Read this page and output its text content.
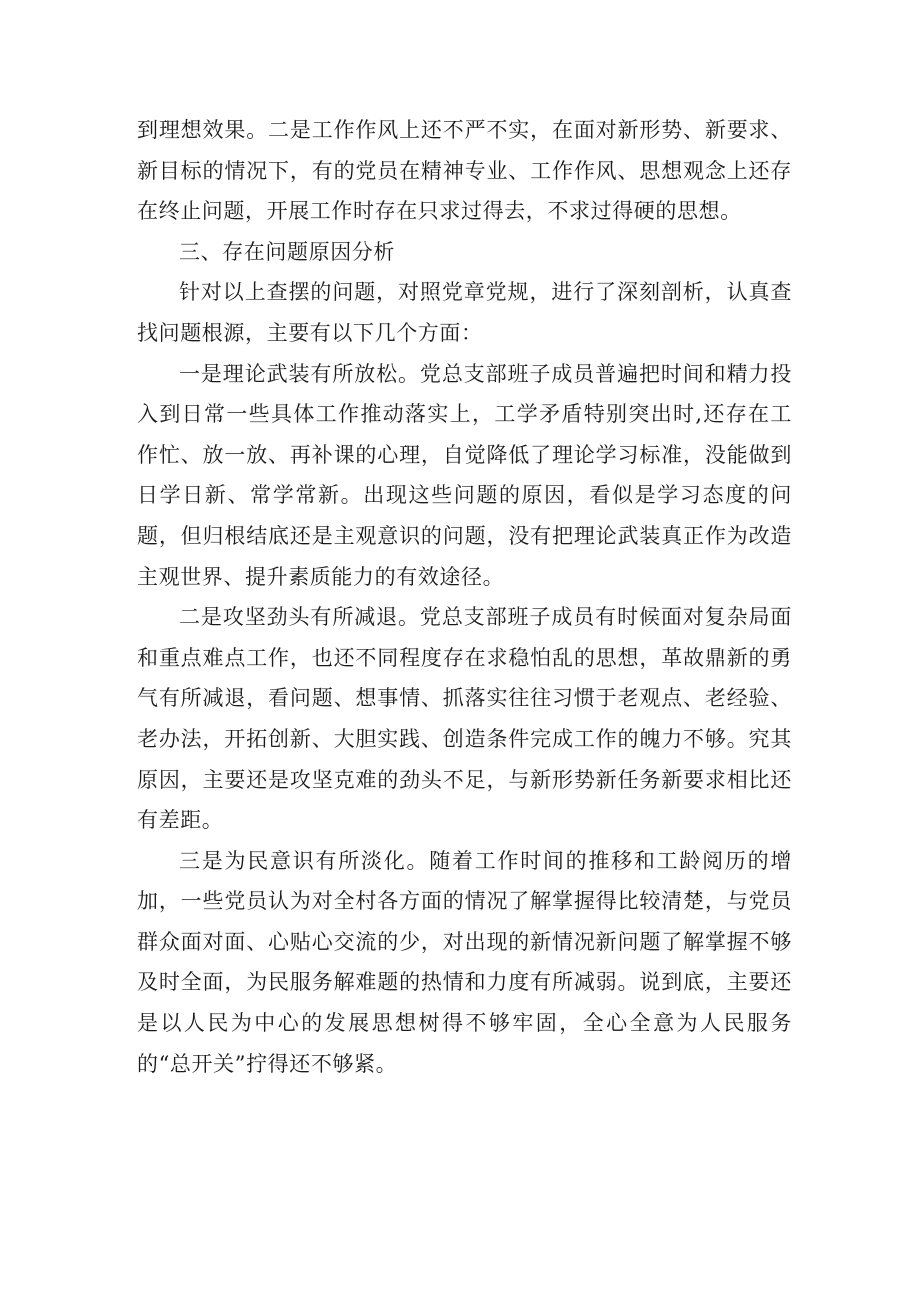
到理想效果。二是工作作风上还不严不实，在面对新形势、新要求、新目标的情况下，有的党员在精神专业、工作作风、思想观念上还存在终止问题，开展工作时存在只求过得去，不求过得硬的思想。

三、存在问题原因分析

针对以上查摆的问题，对照党章党规，进行了深刻剖析，认真查找问题根源，主要有以下几个方面：

一是理论武装有所放松。党总支部班子成员普遍把时间和精力投入到日常一些具体工作推动落实上，工学矛盾特别突出时,还存在工作忙、放一放、再补课的心理，自觉降低了理论学习标准，没能做到日学日新、常学常新。出现这些问题的原因，看似是学习态度的问题，但归根结底还是主观意识的问题，没有把理论武装真正作为改造主观世界、提升素质能力的有效途径。

二是攻坚劲头有所减退。党总支部班子成员有时候面对复杂局面和重点难点工作，也还不同程度存在求稳怕乱的思想，革故鼎新的勇气有所减退，看问题、想事情、抓落实往往习惯于老观点、老经验、老办法，开拓创新、大胆实践、创造条件完成工作的魄力不够。究其原因，主要还是攻坚克难的劲头不足，与新形势新任务新要求相比还有差距。

三是为民意识有所淡化。随着工作时间的推移和工龄阅历的增加，一些党员认为对全村各方面的情况了解掌握得比较清楚，与党员群众面对面、心贴心交流的少，对出现的新情况新问题了解掌握不够及时全面，为民服务解难题的热情和力度有所减弱。说到底，主要还是以人民为中心的发展思想树得不够牢固，全心全意为人民服务的“总开关”拧得还不够紧。
